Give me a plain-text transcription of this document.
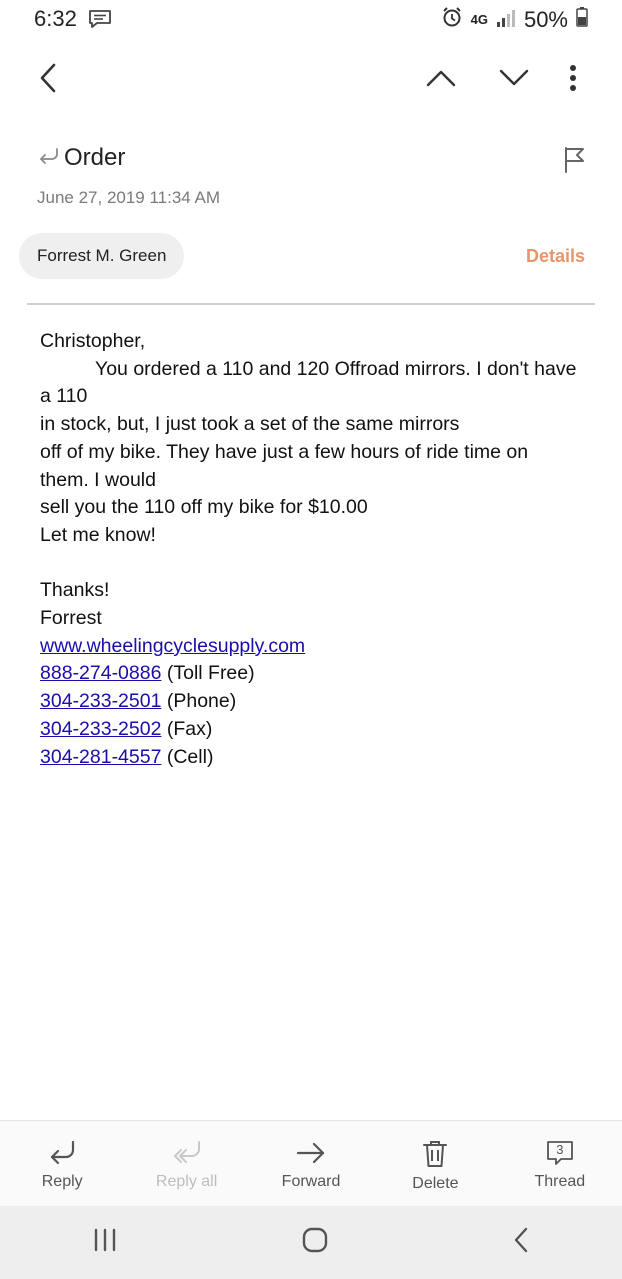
6:32	4G 50%
Order
June 27, 2019 11:34 AM
Forrest M. Green	Details
Christopher,
You ordered a 110 and 120 Offroad mirrors. I don't have
a 110
in stock, but, I just took a set of the same mirrors
off of my bike. They have just a few hours of ride time on
them. I would
sell you the 110 off my bike for $10.00
Let me know!
Thanks!
Forrest
www.wheelingcyclesupply.com
888-274-0886 (Toll Free)
304-233-2501 (Phone)
304-233-2502 (Fax)
304-281-4557 (Cell)
Reply	Reply all	Forward	Delete
3
Thread
